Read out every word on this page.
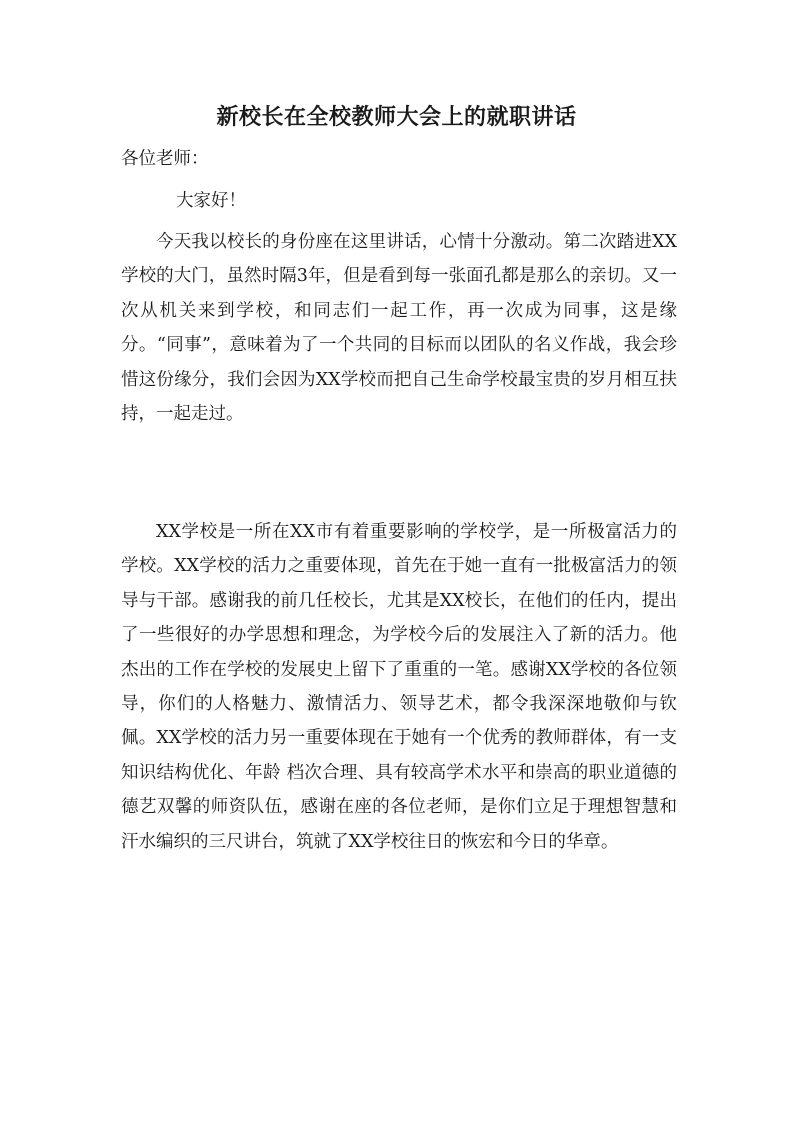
新校长在全校教师大会上的就职讲话

各位老师：

大家好！

今天我以校长的身份座在这里讲话，心情十分激动。第二次踏进XX学校的大门，虽然时隔3年，但是看到每一张面孔都是那么的亲切。又一次从机关来到学校，和同志们一起工作，再一次成为同事，这是缘分。“同事”，意味着为了一个共同的目标而以团队的名义作战，我会珍惜这份缘分，我们会因为XX学校而把自己生命学校最宝贵的岁月相互扶持，一起走过。

XX学校是一所在XX市有着重要影响的学校学，是一所极富活力的学校。XX学校的活力之重要体现，首先在于她一直有一批极富活力的领导与干部。感谢我的前几任校长，尤其是XX校长，在他们的任内，提出了一些很好的办学思想和理念，为学校今后的发展注入了新的活力。他杰出的工作在学校的发展史上留下了重重的一笔。感谢XX学校的各位领导，你们的人格魅力、激情活力、领导艺术，都令我深深地敬仰与钦佩。XX学校的活力另一重要体现在于她有一个优秀的教师群体，有一支知识结构优化、年龄 档次合理、具有较高学术水平和崇高的职业道德的德艺双馨的师资队伍，感谢在座的各位老师，是你们立足于理想智慧和汗水编织的三尺讲台，筑就了XX学校往日的恢宏和今日的华章。
